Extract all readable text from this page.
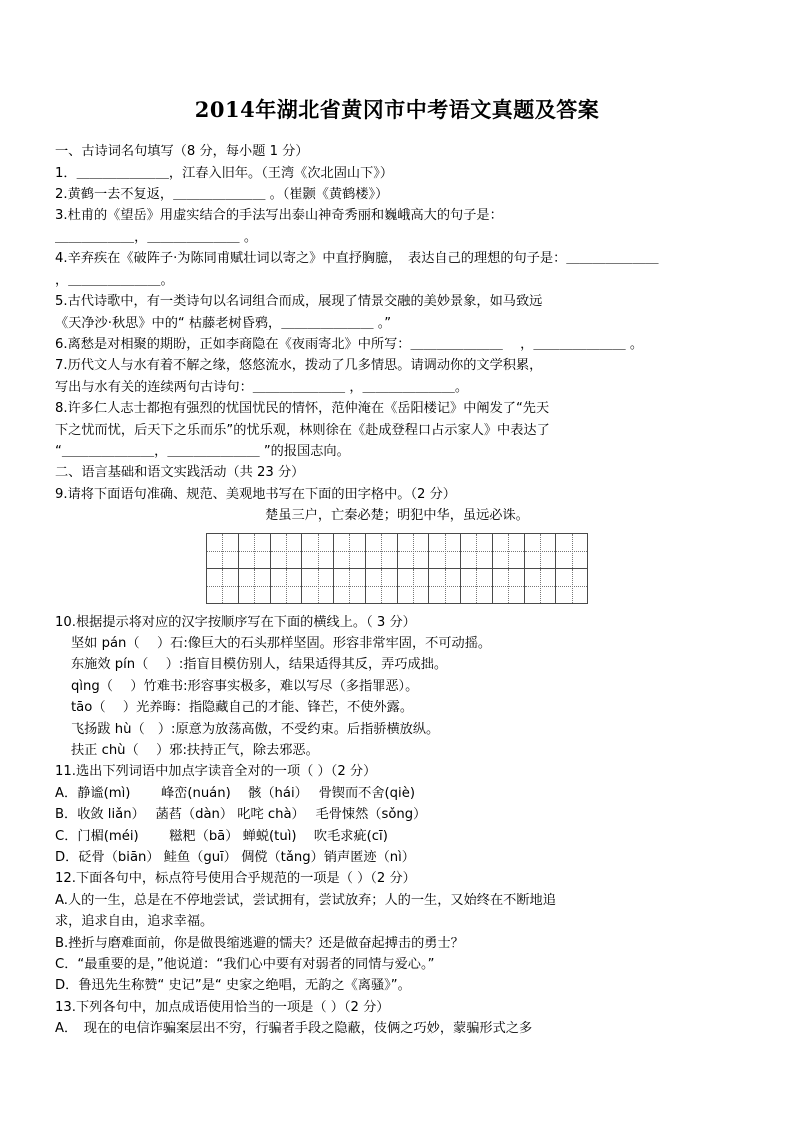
2014年湖北省黄冈市中考语文真题及答案
一、古诗词名句填写（8 分，每小题 1 分）
1．＿＿＿＿＿＿＿，江春入旧年。（王湾《次北固山下》）
2.黄鹤一去不复返，＿＿＿＿＿＿＿ 。（崔颢《黄鹤楼》）
3.杜甫的《望岳》用虚实结合的手法写出泰山神奇秀丽和巍峨高大的句子是：
＿＿＿＿＿＿，＿＿＿＿＿＿＿ 。
4.辛弃疾在《破阵子·为陈同甫赋壮词以寄之》中直抒胸臆，　表达自己的理想的句子是：＿＿＿＿＿＿＿
，＿＿＿＿＿＿＿。
5.古代诗歌中，有一类诗句以名词组合而成，展现了情景交融的美妙景象，如马致远
《天净沙·秋思》中的“ 枯藤老树昏鸦，＿＿＿＿＿＿＿ 。”
6.离愁是对相聚的期盼，正如李商隐在《夜雨寄北》中所写：＿＿＿＿＿＿＿ 　，＿＿＿＿＿＿＿ 。
7.历代文人与水有着不解之缘，悠悠流水，拨动了几多情思。请调动你的文学积累，
写出与水有关的连续两句古诗句：＿＿＿＿＿＿＿ ，＿＿＿＿＿＿＿。
8.许多仁人志士都抱有强烈的忧国忧民的情怀，范仲淹在《岳阳楼记》中阐发了“先天
下之忧而忧，后天下之乐而乐”的忧乐观，林则徐在《赴成登程口占示家人》中表达了
“＿＿＿＿＿＿＿，＿＿＿＿＿＿＿ ”的报国志向。
二、语言基础和语文实践活动（共 23 分）
9.请将下面语句准确、规范、美观地书写在下面的田字格中。（2 分）
楚虽三户，亡秦必楚；明犯中华，虽远必诛。
10.根据提示将对应的汉字按顺序写在下面的横线上。（ 3 分）
坚如 pán（　 ）石:像巨大的石头那样坚固。形容非常牢固，不可动摇。
东施效 pín（　 ）:指盲目模仿别人，结果适得其反，弄巧成拙。
qìng（　 ）竹难书:形容事实极多，难以写尽（多指罪恶）。
tāo（　 ）光养晦：指隐藏自己的才能、锋芒，不使外露。
飞扬跋 hù（　）:原意为放荡高傲，不受约束。后指骄横放纵。
扶正 chù（　 ）邪:扶持正气，除去邪恶。
11.选出下列词语中加点字读音全对的一项（ ）（2 分）
A．静谧(mì)　　 峰峦(nuán)　 骸（hái）　 骨锲而不舍(qiè)
B．收敛 liǎn）　 菡萏（dàn） 叱咤 chà）　 毛骨悚然（sǒng）
C．门楣(méi)　　 糍粑（bā） 蝉蜕(tuì)　 吹毛求疵(cī)
D．砭骨（biān） 鲑鱼（guī） 倜傥（tǎng）销声匿迹（nì）
12.下面各句中，标点符号使用合乎规范的一项是（ ）（2 分）
A.人的一生，总是在不停地尝试，尝试拥有，尝试放弃；人的一生，又始终在不断地追
求，追求自由，追求幸福。
B.挫折与磨难面前，你是做畏缩逃避的懦夫？还是做奋起搏击的勇士？
C．“最重要的是，”他说道：“我们心中要有对弱者的同情与爱心。”
D．鲁迅先生称赞“ 史记”是“ 史家之绝唱，无韵之《离骚》”。
13.下列各句中，加点成语使用恰当的一项是（ ）（2 分）
A．　现在的电信诈骗案层出不穷，行骗者手段之隐蔽，伎俩之巧妙，蒙骗形式之多
